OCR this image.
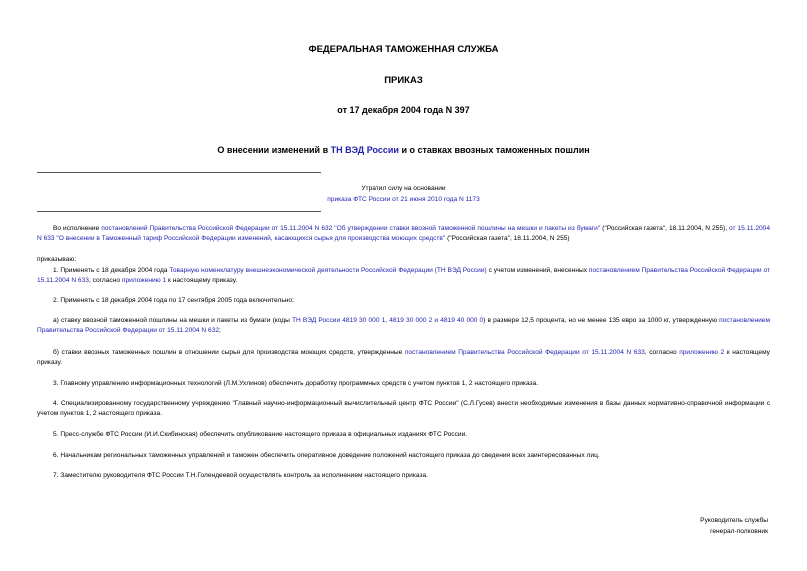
ФЕДЕРАЛЬНАЯ ТАМОЖЕННАЯ СЛУЖБА
ПРИКАЗ
от 17 декабря 2004 года N 397
О внесении изменений в ТН ВЭД России и о ставках ввозных таможенных пошлин
Утратил силу на основании
приказа ФТС России от 21 июня 2010 года N 1173

Во исполнение постановлений Правительства Российской Федерации от 15.11.2004 N 632 "Об утверждении ставки ввозной таможенной пошлины на мешки и пакеты из бумаги" ("Российская газета", 18.11.2004, N 255), от 15.11.2004 N 633 "О внесении в Таможенный тариф Российской Федерации изменений, касающихся сырья для производства моющих средств" ("Российская газета", 18.11.2004, N 255)

приказываю:

1. Применять с 18 декабря 2004 года Товарную номенклатуру внешнеэкономической деятельности Российской Федерации (ТН ВЭД России) с учетом изменений, внесенных постановлением Правительства Российской Федерации от 15.11.2004 N 633, согласно приложению 1 к настоящему приказу.

2. Применять с 18 декабря 2004 года по 17 сентября 2005 года включительно:

а) ставку ввозной таможенной пошлины на мешки и пакеты из бумаги (коды ТН ВЭД России 4819 30 000 1, 4819 30 000 2 и 4819 40 000 0) в размере 12,5 процента, но не менее 135 евро за 1000 кг, утвержденную постановлением Правительства Российской Федерации от 15.11.2004 N 632;

б) ставки ввозных таможенных пошлин в отношении сырья для производства моющих средств, утвержденные постановлением Правительства Российской Федерации от 15.11.2004 N 633, согласно приложению 2 к настоящему приказу.

3. Главному управлению информационных технологий (Л.М.Ухлинов) обеспечить доработку программных средств с учетом пунктов 1, 2 настоящего приказа.

4. Специализированному государственному учреждению "Главный научно-информационный вычислительный центр ФТС России" (С.Л.Гусев) внести необходимые изменения в базы данных нормативно-справочной информации с учетом пунктов 1, 2 настоящего приказа.

5. Пресс-службе ФТС России (И.И.Скибинская) обеспечить опубликование настоящего приказа в официальных изданиях ФТС России.

6. Начальникам региональных таможенных управлений и таможен обеспечить оперативное доведение положений настоящего приказа до сведения всех заинтересованных лиц.

7. Заместителю руководителя ФТС России Т.Н.Голендеевой осуществлять контроль за исполнением настоящего приказа.

Руководитель службы
генерал-полковник
